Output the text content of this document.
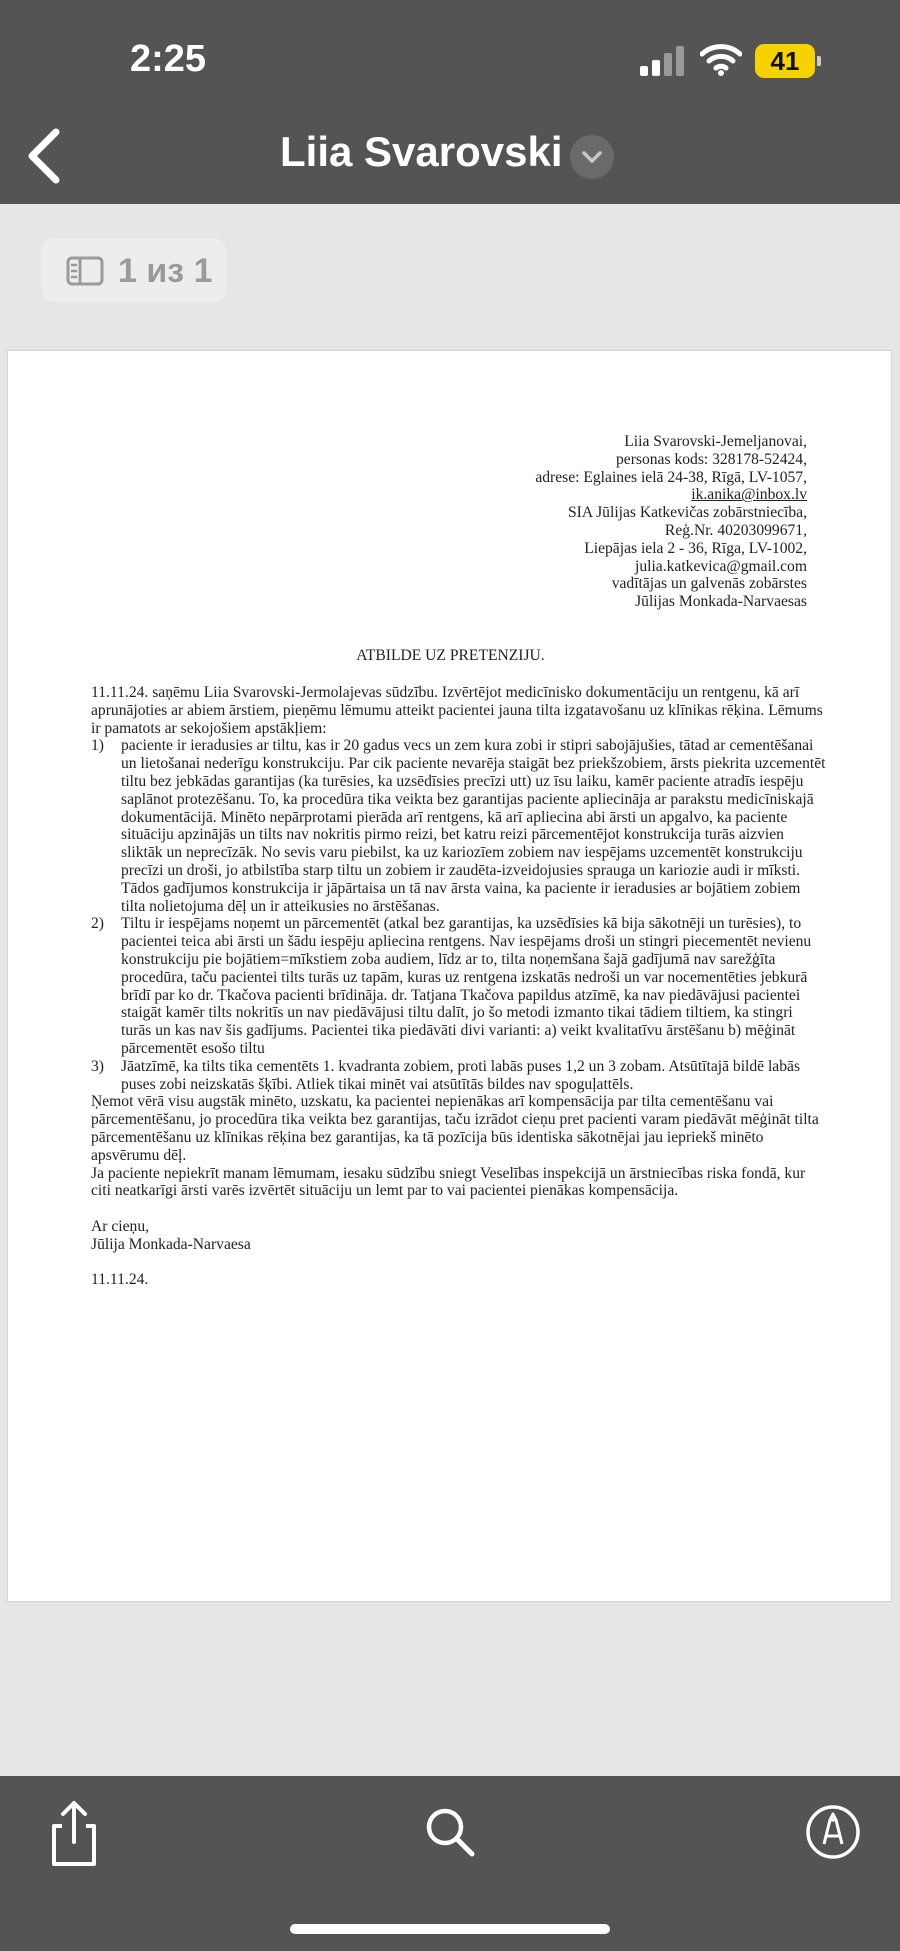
2:25	41
Liia Svarovski
1 из 1
Liia Svarovski-Jemeljanovai,
personas kods: 328178-52424,
adrese: Eglaines ielā 24-38, Rīgā, LV-1057,
ik.anika@inbox.lv
SIA Jūlijas Katkevičas zobārstniecība,
Reģ.Nr. 40203099671,
Liepājas iela 2 - 36, Rīga, LV-1002,
julia.katkevica@gmail.com
vadītājas un galvenās zobārstes
Jūlijas Monkada-Narvaesas
ATBILDE UZ PRETENZIJU.
11.11.24. saņēmu Liia Svarovski-Jermolajevas sūdzību. Izvērtējot medicīnisko dokumentāciju un rentgenu, kā arī aprunājoties ar abiem ārstiem, pieņēmu lēmumu atteikt pacientei jauna tilta izgatavošanu uz klīnikas rēķina. Lēmums ir pamatots ar sekojošiem apstākļiem:
1) paciente ir ieradusies ar tiltu, kas ir 20 gadus vecs un zem kura zobi ir stipri sabojājušies, tātad ar cementēšanai un lietošanai nederīgu konstrukciju. Par cik paciente nevarēja staigāt bez priekšzobiem, ārsts piekrita uzcementēt tiltu bez jebkādas garantijas (ka turēsies, ka uzsēdīsies precīzi utt) uz īsu laiku, kamēr paciente atradīs iespēju saplānot protezēšanu. To, ka procedūra tika veikta bez garantijas paciente apliecināja ar parakstu medicīniskajā dokumentācijā. Minēto nepārprotami pierāda arī rentgens, kā arī apliecina abi ārsti un apgalvo, ka paciente situāciju apzinājās un tilts nav nokritis pirmo reizi, bet katru reizi pārcementējot konstrukcija turās aizvien sliktāk un neprecīzāk. No sevis varu piebilst, ka uz kariozīem zobiem nav iespējams uzcementēt konstrukciju precīzi un droši, jo atbilstība starp tiltu un zobiem ir zaudēta-izveidojusies sprauga un kariozie audi ir mīksti. Tādos gadījumos konstrukcija ir jāpārtaisa un tā nav ārsta vaina, ka paciente ir ieradusies ar bojātiem zobiem tilta nolietojuma dēļ un ir atteikusies no ārstēšanas.
2) Tiltu ir iespējams noņemt un pārcementēt (atkal bez garantijas, ka uzsēdīsies kā bija sākotnēji un turēsies), to pacientei teica abi ārsti un šādu iespēju apliecina rentgens. Nav iespējams droši un stingri piecementēt nevienu konstrukciju pie bojātiem=mīkstiem zoba audiem, līdz ar to, tilta noņemšana šajā gadījumā nav sarežģīta procedūra, taču pacientei tilts turās uz tapām, kuras uz rentgena izskatās nedroši un var nocementēties jebkurā brīdī par ko dr. Tkačova pacienti brīdināja. dr. Tatjana Tkačova papildus atzīmē, ka nav piedāvājusi pacientei staigāt kamēr tilts nokritīs un nav piedāvājusi tiltu dalīt, jo šo metodi izmanto tikai tādiem tiltiem, ka stingri turās un kas nav šis gadījums. Pacientei tika piedāvāti divi varianti: a) veikt kvalitatīvu ārstēšanu b) mēģināt pārcementēt esošo tiltu
3) Jāatzīmē, ka tilts tika cementēts 1. kvadranta zobiem, proti labās puses 1,2 un 3 zobam. Atsūtītajā bildē labās puses zobi neizskatās šķībi. Atliek tikai minēt vai atsūtītās bildes nav spoguļattēls.
Ņemot vērā visu augstāk minēto, uzskatu, ka pacientei nepienākas arī kompensācija par tilta cementēšanu vai pārcementēšanu, jo procedūra tika veikta bez garantijas, taču izrādot cieņu pret pacienti varam piedāvāt mēģināt tilta pārcementēšanu uz klīnikas rēķina bez garantijas, ka tā pozīcija būs identiska sākotnējai jau iepriekš minēto apsvērumu dēļ.
Ja paciente nepiekrīt manam lēmumam, iesaku sūdzību sniegt Veselības inspekcijā un ārstniecības riska fondā, kur citi neatkarīgi ārsti varēs izvērtēt situāciju un lemt par to vai pacientei pienākas kompensācija.
Ar cieņu,
Jūlija Monkada-Narvaesa
11.11.24.
